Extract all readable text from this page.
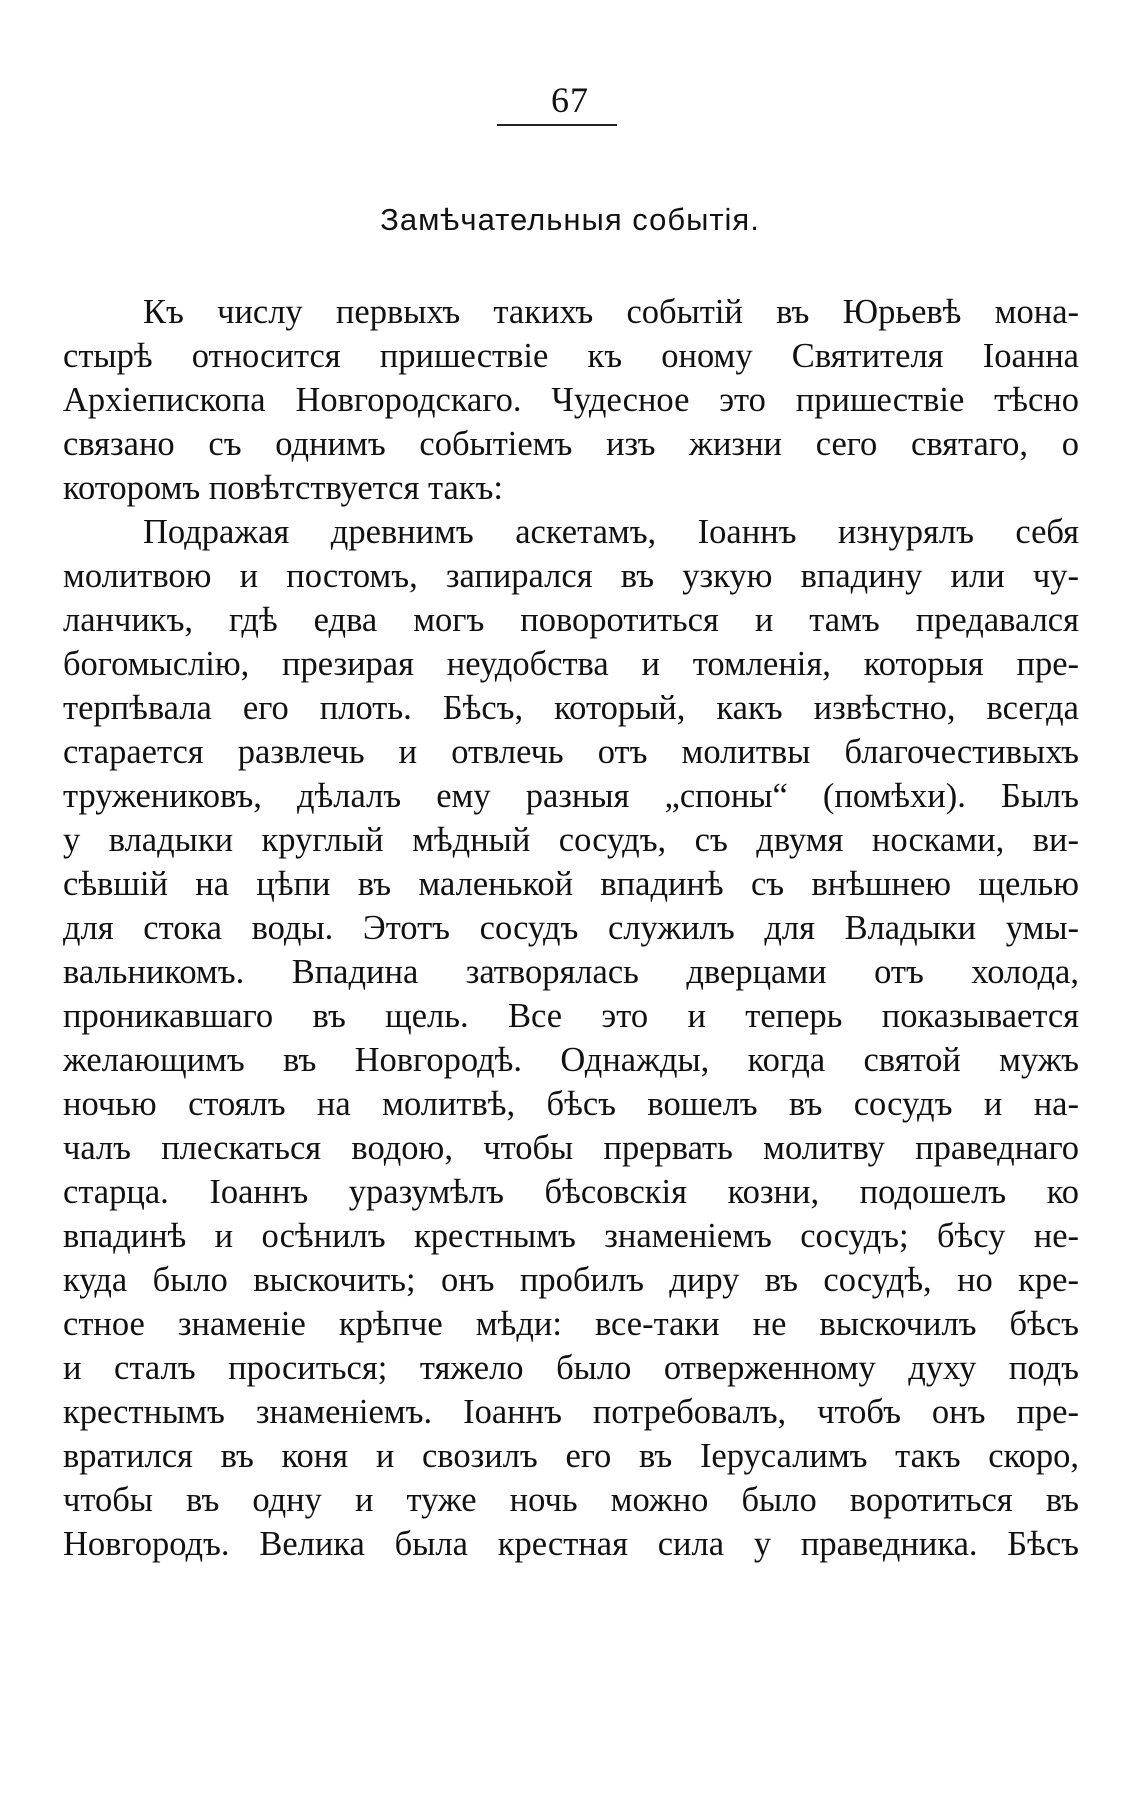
67
Замѣчательныя событія.
Къ числу первыхъ такихъ событій въ Юрьевѣ мона-
стырѣ относится пришествіе къ оному Святителя Іоанна
Архіепископа Новгородскаго. Чудесное это пришествіе тѣсно
связано съ однимъ событіемъ изъ жизни сего святаго, о
которомъ повѣтствуется такъ:
Подражая древнимъ аскетамъ, Іоаннъ изнурялъ себя
молитвою и постомъ, запирался въ узкую впадину или чу-
ланчикъ, гдѣ едва могъ поворотиться и тамъ предавался
богомыслію, презирая неудобства и томленія, которыя пре-
терпѣвала его плоть. Бѣсъ, который, какъ извѣстно, всегда
старается развлечь и отвлечь отъ молитвы благочестивыхъ
тружениковъ, дѣлалъ ему разныя „споны“ (помѣхи). Былъ
у владыки круглый мѣдный сосудъ, съ двумя носками, ви-
сѣвшій на цѣпи въ маленькой впадинѣ съ внѣшнею щелью
для стока воды. Этотъ сосудъ служилъ для Владыки умы-
вальникомъ. Впадина затворялась дверцами отъ холода,
проникавшаго въ щель. Все это и теперь показывается
желающимъ въ Новгородѣ. Однажды, когда святой мужъ
ночью стоялъ на молитвѣ, бѣсъ вошелъ въ сосудъ и на-
чалъ плескаться водою, чтобы прервать молитву праведнаго
старца. Іоаннъ уразумѣлъ бѣсовскія козни, подошелъ ко
впадинѣ и осѣнилъ крестнымъ знаменіемъ сосудъ; бѣсу не-
куда было выскочить; онъ пробилъ диру въ сосудѣ, но кре-
стное знаменіе крѣпче мѣди: все-таки не выскочилъ бѣсъ
и сталъ проситься; тяжело было отверженному духу подъ
крестнымъ знаменіемъ. Іоаннъ потребовалъ, чтобъ онъ пре-
вратился въ коня и свозилъ его въ Іерусалимъ такъ скоро,
чтобы въ одну и туже ночь можно было воротиться въ
Новгородъ. Велика была крестная сила у праведника. Бѣсъ
